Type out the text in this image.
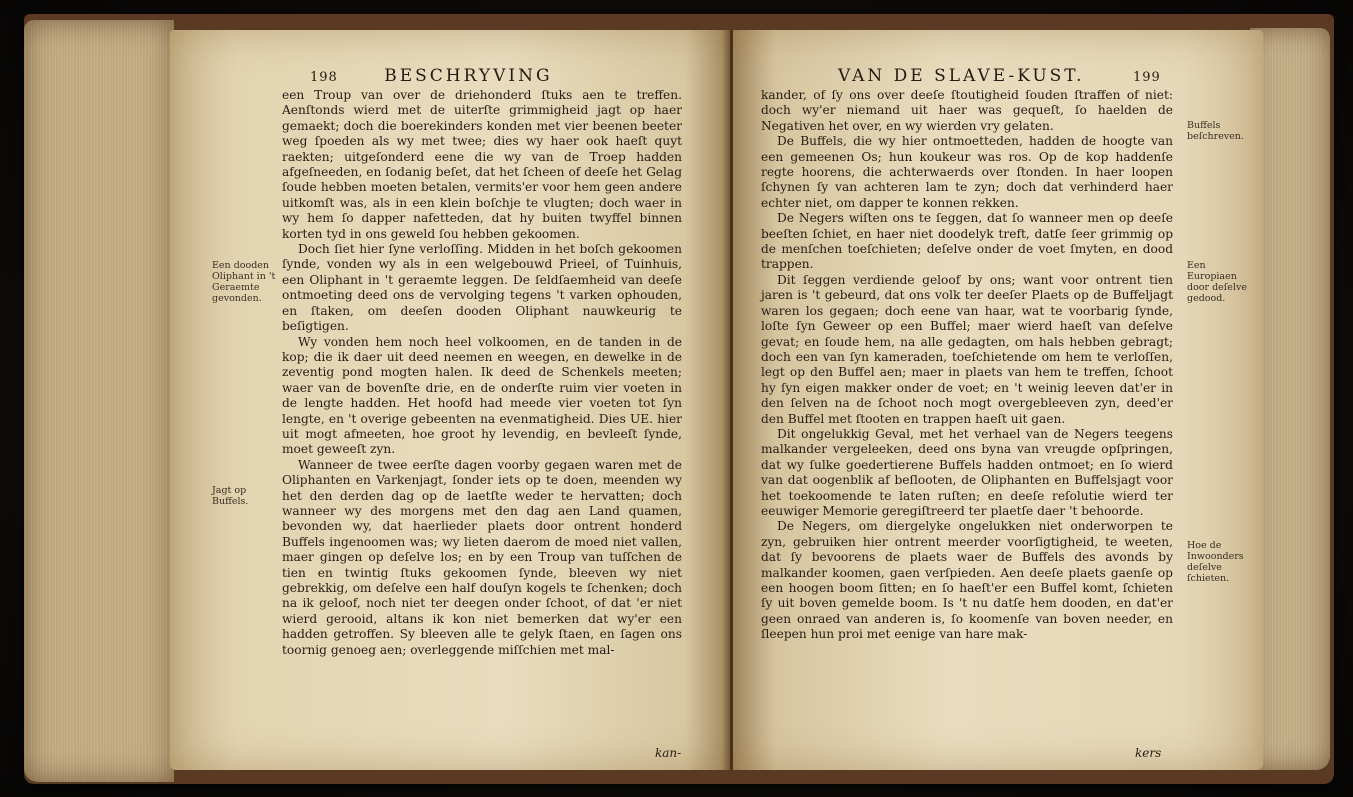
198	BESCHRYVING

een Troup van over de driehonderd ſtuks aen te treffen. Aenſtonds wierd met de uiterſte grimmigheid jagt op haer gemaekt; doch die boerekinders konden met vier beenen beeter weg ſpoeden als wy met twee; dies wy haer ook haeſt quyt raekten; uitgeſonderd eene die wy van de Troep hadden afgeſneeden, en ſodanig beſet, dat het ſcheen of deeſe het Gelag ſoude hebben moeten betalen, vermits'er voor hem geen andere uitkomſt was, als in een klein boſchje te vlugten; doch waer in wy hem ſo dapper nafetteden, dat hy buiten twyffel binnen korten tyd in ons geweld ſou hebben gekoomen.

Doch ſiet hier ſyne verloſſing. Midden in het boſch gekoomen ſynde, vonden wy als in een welgebouwd Prieel, of Tuinhuis, een Oliphant in 't geraemte leggen. De ſeldſaemheid van deeſe ontmoeting deed ons de vervolging tegens 't varken ophouden, en ſtaken, om deeſen dooden Oliphant nauwkeurig te beſigtigen.

Wy vonden hem noch heel volkoomen, en de tanden in de kop; die ik daer uit deed neemen en weegen, en dewelke in de zeventig pond mogten halen. Ik deed de Schenkels meeten; waer van de bovenſte drie, en de onderſte ruim vier voeten in de lengte hadden. Het hoofd had meede vier voeten tot ſyn lengte, en 't overige gebeenten na evenmatigheid. Dies UE. hier uit mogt afmeeten, hoe groot hy levendig, en bevleeſt ſynde, moet geweeſt zyn.

Wanneer de twee eerſte dagen voorby gegaen waren met de Oliphanten en Varkenjagt, ſonder iets op te doen, meenden wy het den derden dag op de laetſte weder te hervatten; doch wanneer wy des morgens met den dag aen Land quamen, bevonden wy, dat haerlieder plaets door ontrent honderd Buffels ingenoomen was; wy lieten daerom de moed niet vallen, maer gingen op deſelve los; en by een Troup van tuſſchen de tien en twintig ſtuks gekoomen ſynde, bleeven wy niet gebrekkig, om deſelve een half douſyn kogels te ſchenken; doch na ik geloof, noch niet ter deegen onder ſchoot, of dat 'er niet wierd gerooid, altans ik kon niet bemerken dat wy'er een hadden getroffen. Sy bleeven alle te gelyk ſtaen, en ſagen ons toornig genoeg aen; overleggende miſſchien met mal-

kan-
Een dooden Oliphant in 't Geraemte gevonden.
Jagt op Buffels.
VAN DE SLAVE-KUST.	199

kander, of ſy ons over deeſe ſtoutigheid ſouden ſtraffen of niet: doch wy'er niemand uit haer was gequeſt, ſo haelden de Negativen het over, en wy wierden vry gelaten.

De Buffels, die wy hier ontmoetteden, hadden de hoogte van een gemeenen Os; hun koukeur was ros. Op de kop haddenſe regte hoorens, die achterwaerds over ſtonden. In haer loopen ſchynen ſy van achteren lam te zyn; doch dat verhinderd haer echter niet, om dapper te konnen rekken.

De Negers wiſten ons te ſeggen, dat ſo wanneer men op deeſe beeſten ſchiet, en haer niet doodelyk treft, datſe ſeer grimmig op de menſchen toeſchieten; deſelve onder de voet ſmyten, en dood trappen.

Dit ſeggen verdiende geloof by ons; want voor ontrent tien jaren is 't gebeurd, dat ons volk ter deeſer Plaets op de Buffeljagt waren los gegaen; doch eene van haar, wat te voorbarig ſynde, loſte ſyn Geweer op een Buffel; maer wierd haeſt van deſelve gevat; en ſoude hem, na alle gedagten, om hals hebben gebragt; doch een van ſyn kameraden, toeſchietende om hem te verloſſen, legt op den Buffel aen; maer in plaets van hem te treffen, ſchoot hy ſyn eigen makker onder de voet; en 't weinig leeven dat'er in den ſelven na de ſchoot noch mogt overgebleeven zyn, deed'er den Buffel met ſtooten en trappen haeſt uit gaen.

Dit ongelukkig Geval, met het verhael van de Negers teegens malkander vergeleeken, deed ons byna van vreugde opſpringen, dat wy ſulke goedertierene Buffels hadden ontmoet; en ſo wierd van dat oogenblik af beſlooten, de Oliphanten en Buffelsjagt voor het toekoomende te laten ruſten; en deeſe reſolutie wierd ter eeuwiger Memorie geregiſtreerd ter plaetſe daer 't behoorde.

De Negers, om diergelyke ongelukken niet onderworpen te zyn, gebruiken hier ontrent meerder voorſigtigheid, te weeten, dat ſy bevoorens de plaets waer de Buffels des avonds by malkander koomen, gaen verſpieden. Aen deeſe plaets gaenſe op een hoogen boom ſitten; en ſo haeſt'er een Buffel komt, ſchieten ſy uit boven gemelde boom. Is 't nu datſe hem dooden, en dat'er geen onraed van anderen is, ſo koomenſe van boven needer, en ſleepen hun proi met eenige van hare mak-

kers
Buffels beſchreven.
Een Europiaen door deſelve gedood.
Hoe de Inwoonders deſelve ſchieten.
